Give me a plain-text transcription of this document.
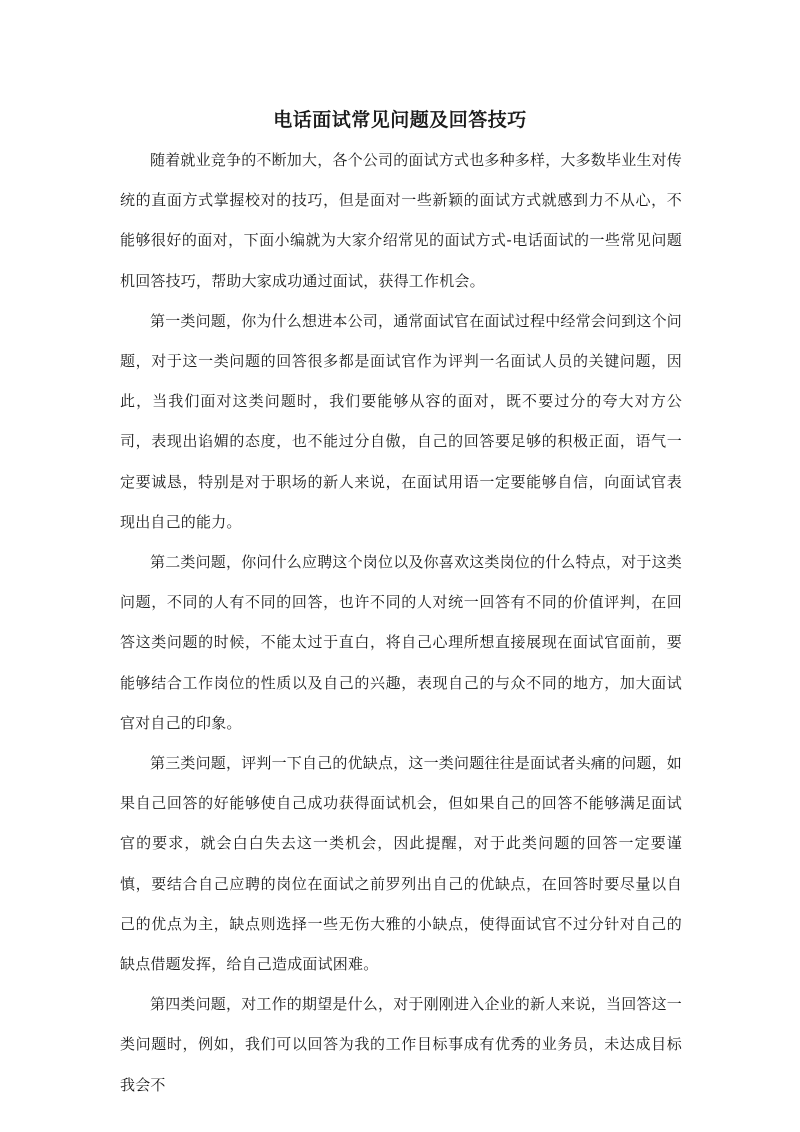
电话面试常见问题及回答技巧

随着就业竞争的不断加大，各个公司的面试方式也多种多样，大多数毕业生对传统的直面方式掌握校对的技巧，但是面对一些新颖的面试方式就感到力不从心，不能够很好的面对，下面小编就为大家介绍常见的面试方式-电话面试的一些常见问题机回答技巧，帮助大家成功通过面试，获得工作机会。

第一类问题，你为什么想进本公司，通常面试官在面试过程中经常会问到这个问题，对于这一类问题的回答很多都是面试官作为评判一名面试人员的关键问题，因此，当我们面对这类问题时，我们要能够从容的面对，既不要过分的夸大对方公司，表现出谄媚的态度，也不能过分自傲，自己的回答要足够的积极正面，语气一定要诚恳，特别是对于职场的新人来说，在面试用语一定要能够自信，向面试官表现出自己的能力。

第二类问题，你问什么应聘这个岗位以及你喜欢这类岗位的什么特点，对于这类问题，不同的人有不同的回答，也许不同的人对统一回答有不同的价值评判，在回答这类问题的时候，不能太过于直白，将自己心理所想直接展现在面试官面前，要能够结合工作岗位的性质以及自己的兴趣，表现自己的与众不同的地方，加大面试官对自己的印象。

第三类问题，评判一下自己的优缺点，这一类问题往往是面试者头痛的问题，如果自己回答的好能够使自己成功获得面试机会，但如果自己的回答不能够满足面试官的要求，就会白白失去这一类机会，因此提醒，对于此类问题的回答一定要谨慎，要结合自己应聘的岗位在面试之前罗列出自己的优缺点，在回答时要尽量以自己的优点为主，缺点则选择一些无伤大雅的小缺点，使得面试官不过分针对自己的缺点借题发挥，给自己造成面试困难。

第四类问题，对工作的期望是什么，对于刚刚进入企业的新人来说，当回答这一类问题时，例如，我们可以回答为我的工作目标事成有优秀的业务员，未达成目标我会不
